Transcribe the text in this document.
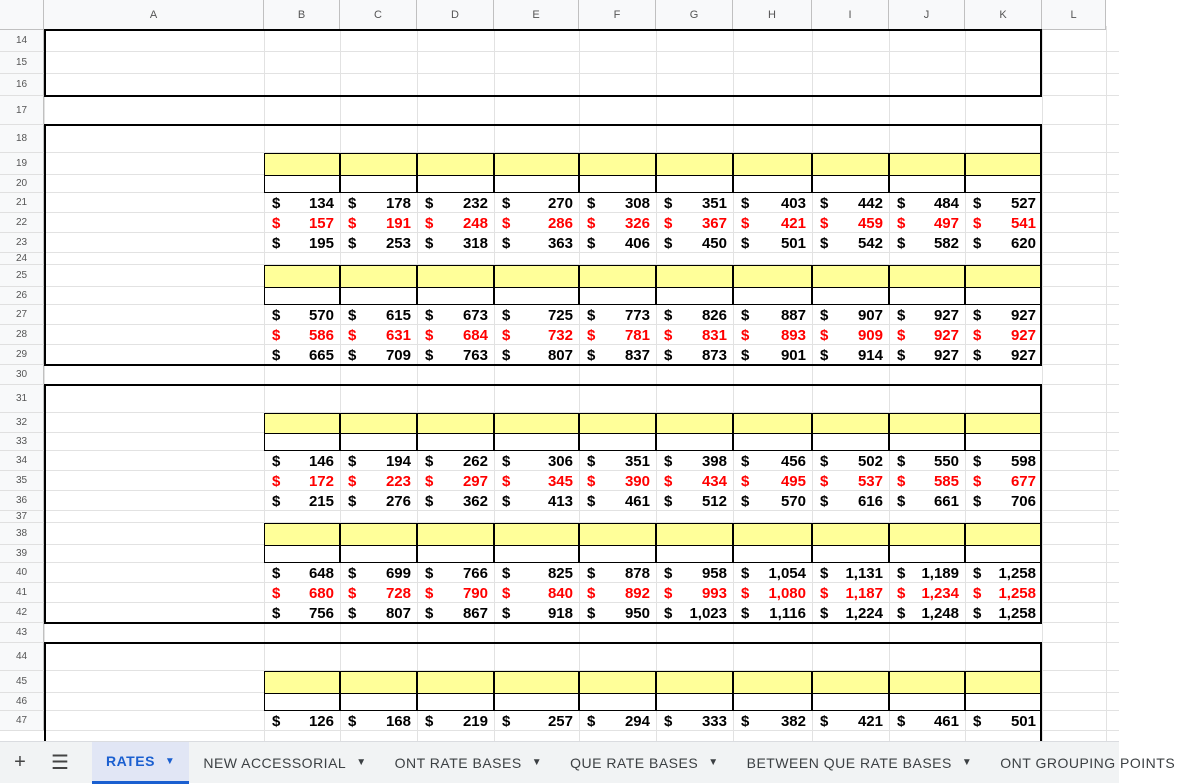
A	B	C	D	E	F	G	H	I	J	K	L
14
15
16
17
18
19
20
21
22
23
24
25
26
27
28
29
30
31
32
33
34
35
36
37
38
39
40
41
42
43
44
45
46
47
$ 134 $ 178 $ 232 $	270 $ 308 $ 351 $ 403 $ 442 $ 484 $ 527
$ 157 $ 191 $ 248 $	286 $ 326 $ 367 $ 421 $ 459 $ 497 $ 541
$ 195 $ 253 $ 318 $	363 $ 406 $ 450 $ 501 $ 542 $ 582 $ 620
$ 570 $ 615 $ 673 $	725 $ 773 $ 826 $ 887 $ 907 $ 927 $ 927
$ 586 $ 631 $ 684 $	732 $ 781 $ 831 $ 893 $ 909 $ 927 $ 927
$ 665 $ 709 $ 763 $	807 $ 837 $ 873 $ 901 $ 914 $ 927 $ 927
$ 146 $ 194 $ 262 $	306 $ 351 $ 398 $ 456 $ 502 $ 550 $ 598
$ 172 $ 223 $ 297 $	345 $ 390 $ 434 $ 495 $ 537 $ 585 $ 677
$ 215 $ 276 $ 362 $	413 $ 461 $ 512 $ 570 $ 616 $ 661 $ 706
$ 648 $ 699 $ 766 $	825 $ 878 $ 958 $ 1,054 $ 1,131 $ 1,189 $ 1,258
$ 680 $ 728 $ 790 $	840 $ 892 $ 993 $ 1,080 $ 1,187 $ 1,234 $ 1,258
$ 756 $ 807 $ 867 $	918 $ 950 $ 1,023 $ 1,116 $ 1,224 $ 1,248 $ 1,258
$ 126 $ 168 $ 219 $	257 $ 294 $ 333 $ 382 $ 421 $ 461 $ 501
+ ☰	RATES ▼ NEW ACCESSORIAL ▼ ONT RATE BASES ▼ QUE RATE BASES ▼ BETWEEN QUE RATE BASES ▼ ONT GROUPING POINTS
